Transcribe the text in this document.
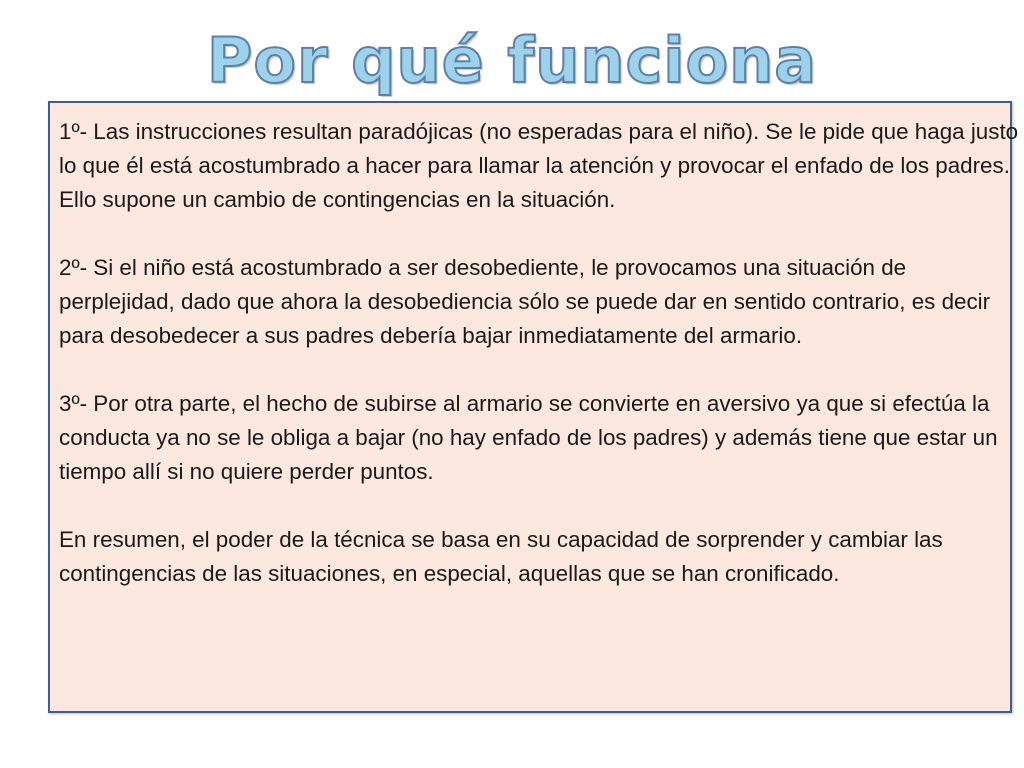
Por qué funciona

1º- Las instrucciones resultan paradójicas (no esperadas para el niño). Se le pide que haga justo lo que él está acostumbrado a hacer para llamar la atención y provocar el enfado de los padres. Ello supone un cambio de contingencias en la situación.

2º- Si el niño está acostumbrado a ser desobediente, le provocamos una situación de perplejidad, dado que ahora la desobediencia sólo se puede dar en sentido contrario, es decir para desobedecer a sus padres debería bajar inmediatamente del armario.

3º- Por otra parte, el hecho de subirse al armario se convierte en aversivo ya que si efectúa la conducta ya no se le obliga a bajar (no hay enfado de los padres) y además tiene que estar un tiempo allí si no quiere perder puntos.

En resumen, el poder de la técnica se basa en su capacidad de sorprender y cambiar las contingencias de las situaciones, en especial, aquellas que se han cronificado.
